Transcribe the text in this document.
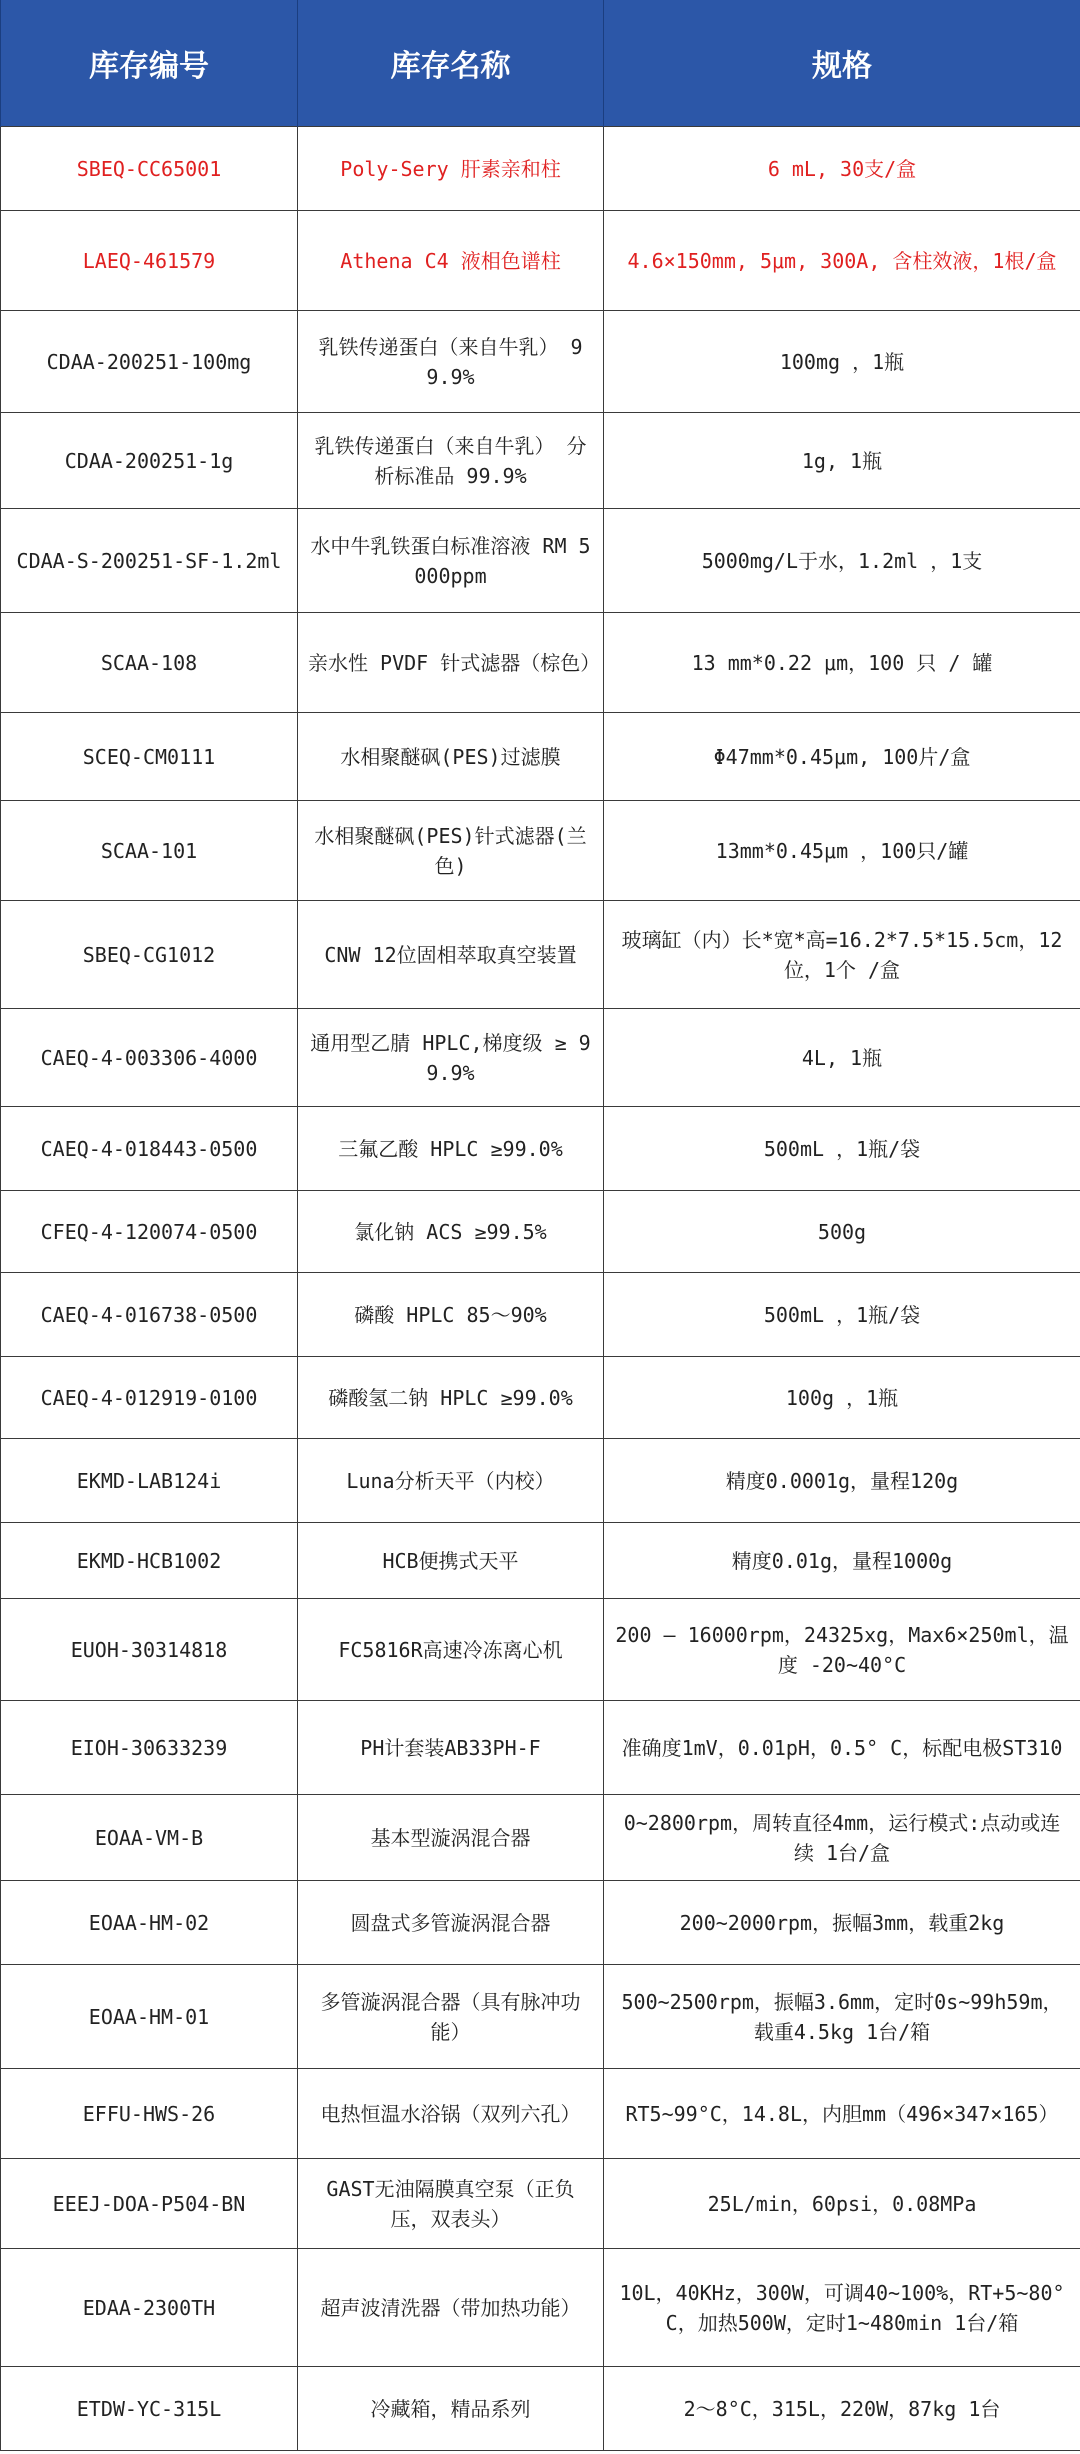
库存编号	库存名称	规格
SBEQ-CC65001	Poly-Sery 肝素亲和柱	6 mL, 30支/盒
LAEQ-461579	Athena C4 液相色谱柱	4.6×150mm, 5μm, 300A, 含柱效液，1根/盒
CDAA-200251-100mg	乳铁传递蛋白（来自牛乳） 99.9%	100mg ，1瓶
CDAA-200251-1g	乳铁传递蛋白（来自牛乳） 分析标准品 99.9%	1g, 1瓶
CDAA-S-200251-SF-1.2ml	水中牛乳铁蛋白标准溶液 RM 5000ppm	5000mg/L于水，1.2ml ，1支
SCAA-108	亲水性 PVDF 针式滤器（棕色）	13 mm*0.22 μm，100 只 / 罐
SCEQ-CM0111	水相聚醚砜(PES)过滤膜	Φ47mm*0.45μm, 100片/盒
SCAA-101	水相聚醚砜(PES)针式滤器(兰色)	13mm*0.45μm ，100只/罐
SBEQ-CG1012	CNW 12位固相萃取真空装置	玻璃缸（内）长*宽*高=16.2*7.5*15.5cm，12位，1个 /盒
CAEQ-4-003306-4000	通用型乙腈 HPLC,梯度级 ≥ 99.9%	4L, 1瓶
CAEQ-4-018443-0500	三氟乙酸 HPLC ≥99.0%	500mL ，1瓶/袋
CFEQ-4-120074-0500	氯化钠 ACS ≥99.5%	500g
CAEQ-4-016738-0500	磷酸 HPLC 85～90%	500mL ，1瓶/袋
CAEQ-4-012919-0100	磷酸氢二钠 HPLC ≥99.0%	100g ，1瓶
EKMD-LAB124i	Luna分析天平（内校）	精度0.0001g，量程120g
EKMD-HCB1002	HCB便携式天平	精度0.01g，量程1000g
EUOH-30314818	FC5816R高速冷冻离心机	200 – 16000rpm，24325xg，Max6×250ml，温度 -20~40°C
EIOH-30633239	PH计套装AB33PH-F	准确度1mV，0.01pH，0.5° C，标配电极ST310
EOAA-VM-B	基本型漩涡混合器	0~2800rpm，周转直径4mm，运行模式:点动或连续 1台/盒
EOAA-HM-02	圆盘式多管漩涡混合器	200~2000rpm，振幅3mm，载重2kg
EOAA-HM-01	多管漩涡混合器（具有脉冲功能）	500~2500rpm，振幅3.6mm，定时0s~99h59m，载重4.5kg 1台/箱
EFFU-HWS-26	电热恒温水浴锅（双列六孔）	RT5~99°C，14.8L，内胆mm（496×347×165）
EEEJ-DOA-P504-BN	GAST无油隔膜真空泵（正负压，双表头）	25L/min，60psi，0.08MPa
EDAA-2300TH	超声波清洗器（带加热功能）	10L，40KHz，300W，可调40~100%，RT+5~80°C，加热500W，定时1~480min 1台/箱
ETDW-YC-315L	冷藏箱，精品系列	2～8°C，315L，220W，87kg 1台
